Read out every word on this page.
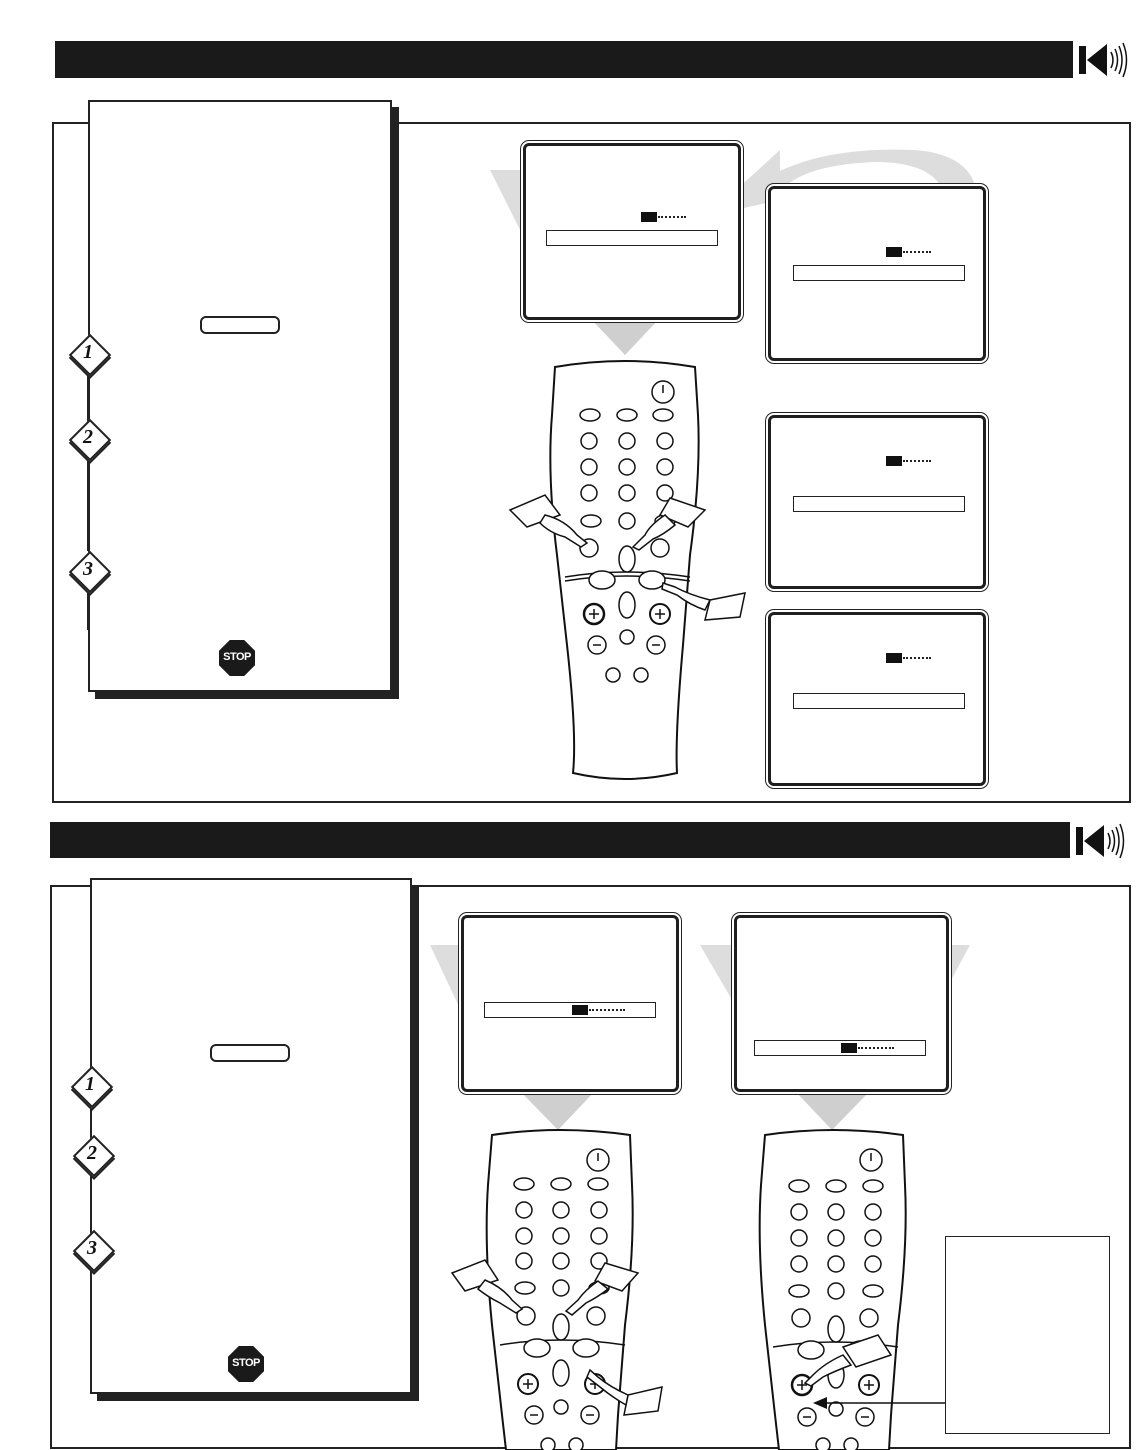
1
2
3
STOP
1
2
3
STOP
